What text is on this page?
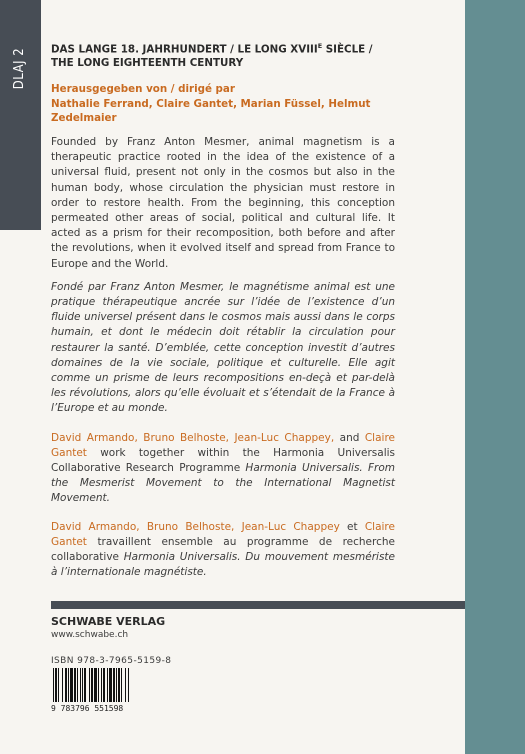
DLAJ 2 DAS LANGE 18. JAHRHUNDERT / LE LONG $XVIII^E$ SIÈCLE /
THE LONG EIGHTEENTH CENTURY
Herausgegeben von / dirigé par
Nathalie Ferrand, Claire Gantet, Marian Füssel, Helmut Zedelmaier

Founded by Franz Anton Mesmer, animal magnetism is a therapeutic practice rooted in the idea of the existence of a universal fluid, present not only in the cosmos but also in the human body, whose circulation the physician must restore in order to restore health. From the beginning, this conception permeated other areas of social, political and cultural life. It acted as a prism for their recomposition, both before and after the revolutions, when it evolved itself and spread from France to Europe and the World.

Fondé par Franz Anton Mesmer, le magnétisme animal est une pratique thérapeutique ancrée sur l’idée de l’existence d’un fluide universel présent dans le cosmos mais aussi dans le corps humain, et dont le médecin doit rétablir la circulation pour restaurer la santé. D’emblée, cette conception investit d’autres domaines de la vie sociale, politique et culturelle. Elle agit comme un prisme de leurs recompositions en-deçà et par-delà les révolutions, alors qu’elle évoluait et s’étendait de la France à l’Europe et au monde.

David Armando, Bruno Belhoste, Jean-Luc Chappey, and Claire Gantet work together within the Harmonia Universalis Collaborative Research Programme Harmonia Universalis. From the Mesmerist Movement to the International Magnetist Movement.

David Armando, Bruno Belhoste, Jean-Luc Chappey et Claire Gantet travaillent ensemble au programme de recherche collaborative Harmonia Universalis. Du mouvement mesmériste à l’internationale magnétiste.

SCHWABE VERLAG
www.schwabe.ch
ISBN 978-3-7965-5159-8
9 783796 551598
